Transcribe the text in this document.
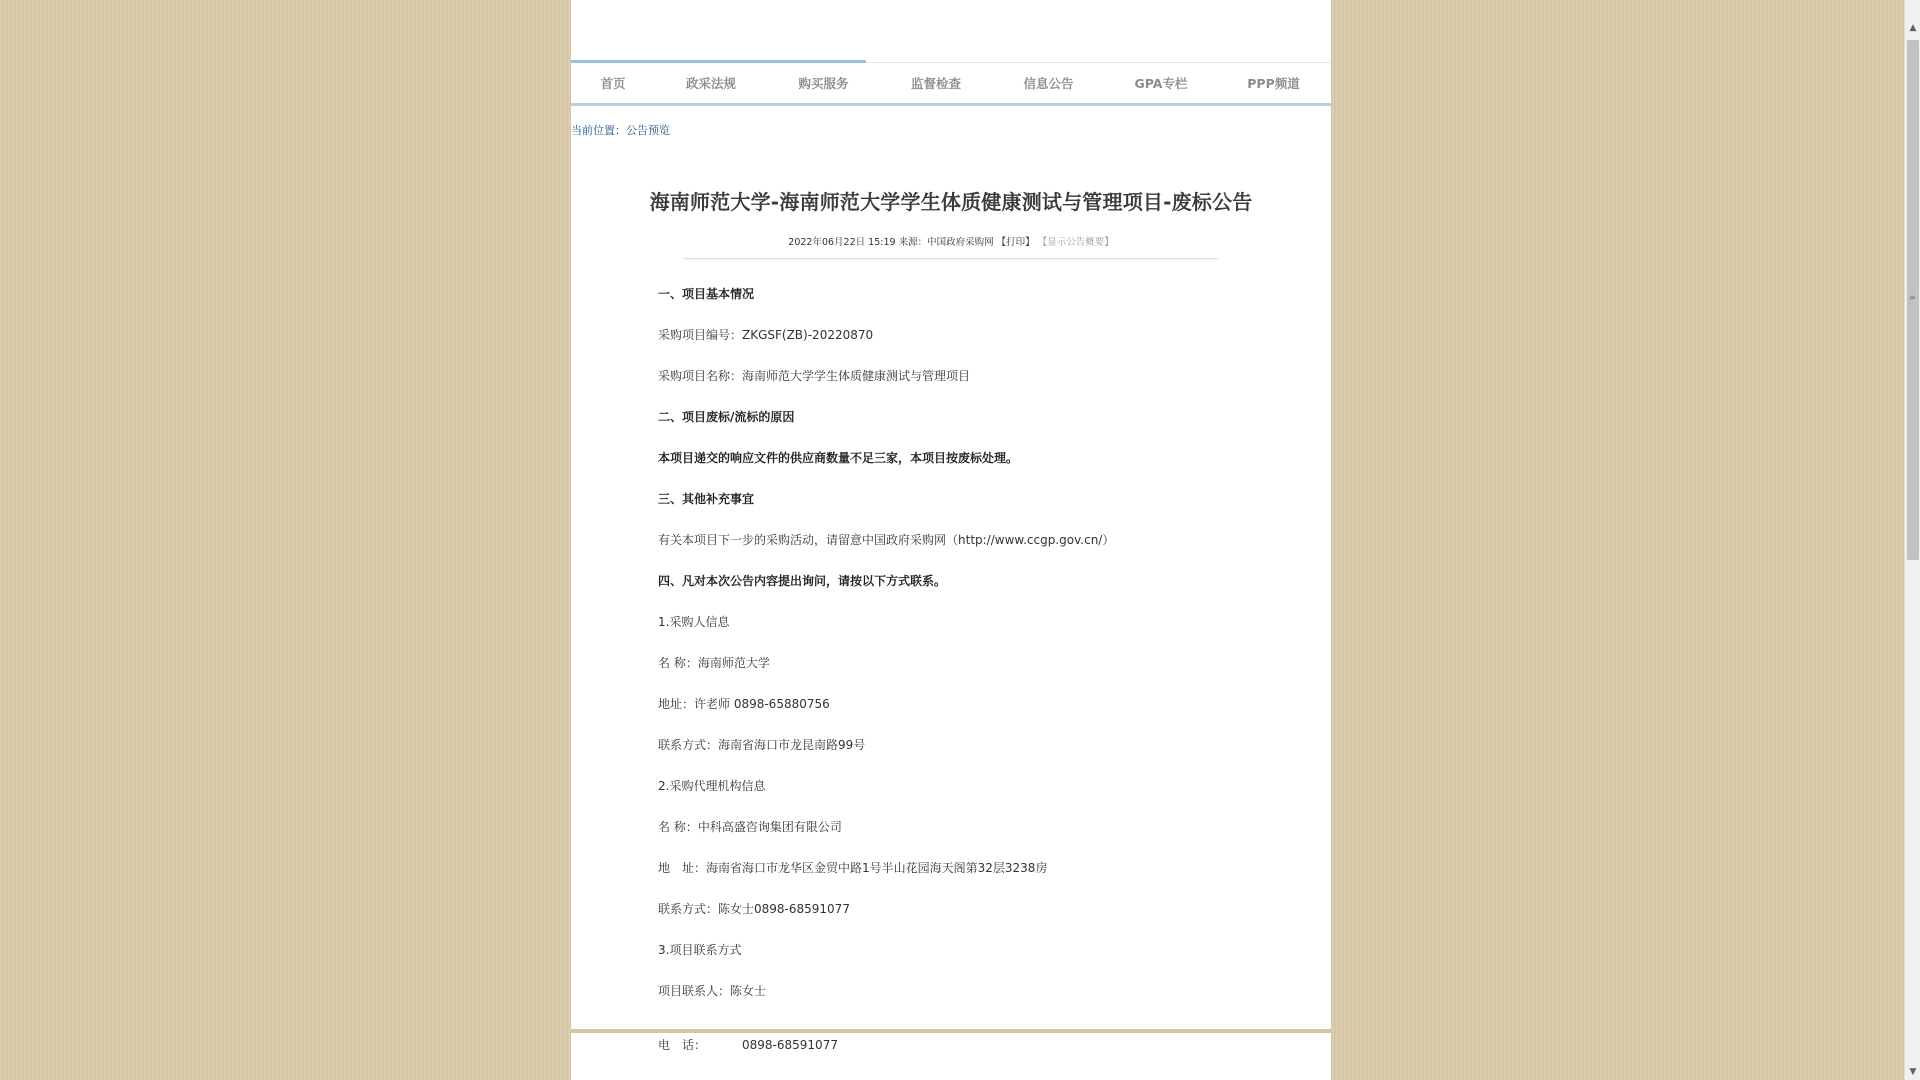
首页	政采法规	购买服务	监督检查	信息公告	GPA专栏	PPP频道
当前位置：公告预览
海南师范大学-海南师范大学学生体质健康测试与管理项目-废标公告
2022年06月22日 15:19 来源：中国政府采购网 【打印】 【显示公告概要】
一、项目基本情况
采购项目编号：ZKGSF(ZB)-20220870
采购项目名称：海南师范大学学生体质健康测试与管理项目
二、项目废标/流标的原因
本项目递交的响应文件的供应商数量不足三家，本项目按废标处理。
三、其他补充事宜
有关本项目下一步的采购活动，请留意中国政府采购网（http://www.ccgp.gov.cn/）
四、凡对本次公告内容提出询问，请按以下方式联系。
1.采购人信息
名 称：海南师范大学
地址：许老师 0898-65880756
联系方式：海南省海口市龙昆南路99号
2.采购代理机构信息
名 称：中科高盛咨询集团有限公司
地　址：海南省海口市龙华区金贸中路1号半山花园海天阁第32层3238房
联系方式：陈女士0898-68591077
3.项目联系方式
项目联系人：陈女士
电　话：	0898-68591077
▲
≡
▼
